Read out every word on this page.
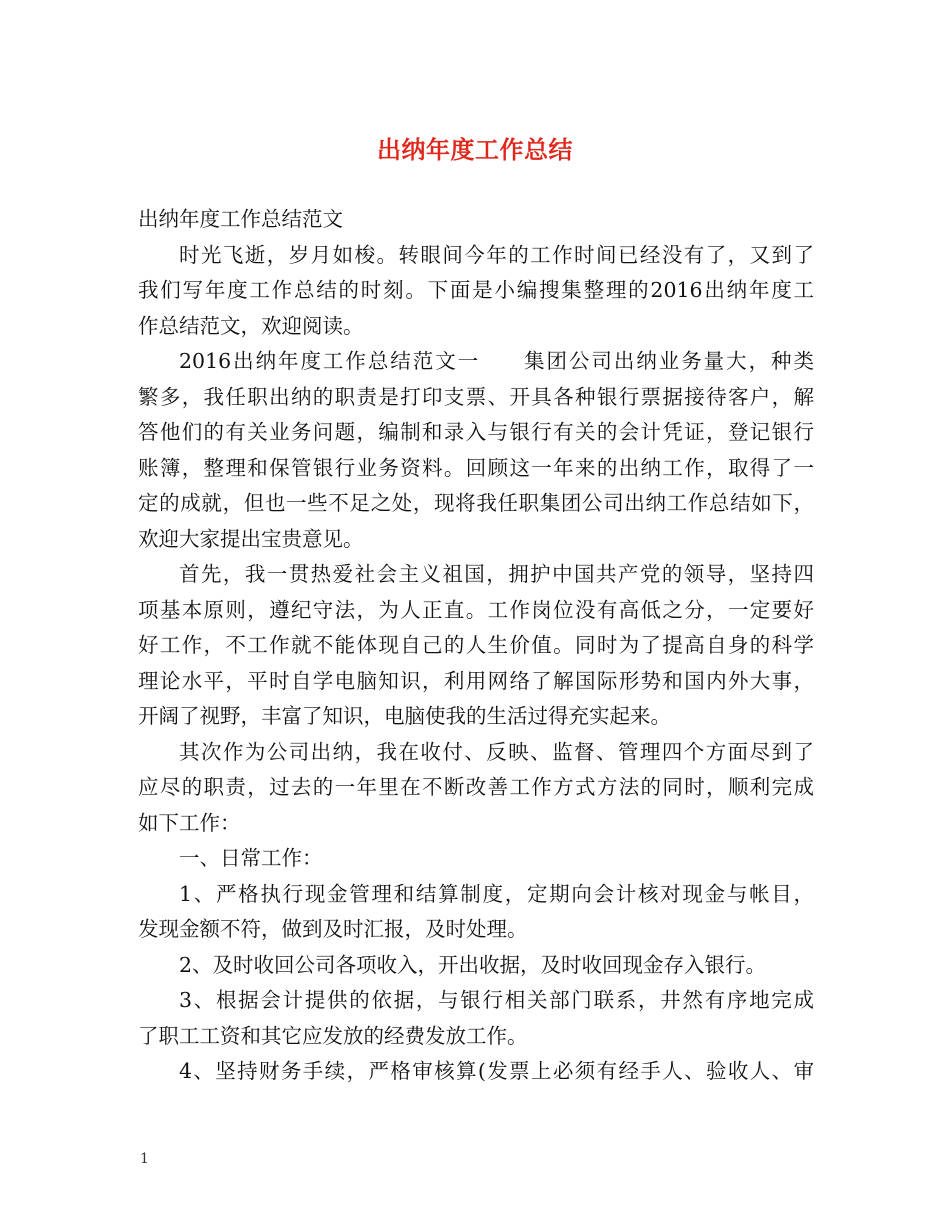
出纳年度工作总结

出纳年度工作总结范文

时光飞逝，岁月如梭。转眼间今年的工作时间已经没有了，又到了

我们写年度工作总结的时刻。下面是小编搜集整理的2016出纳年度工

作总结范文，欢迎阅读。

2016出纳年度工作总结范文一 集团公司出纳业务量大，种类

繁多，我任职出纳的职责是打印支票、开具各种银行票据接待客户，解

答他们的有关业务问题，编制和录入与银行有关的会计凭证，登记银行

账簿，整理和保管银行业务资料。回顾这一年来的出纳工作，取得了一

定的成就，但也一些不足之处，现将我任职集团公司出纳工作总结如下，

欢迎大家提出宝贵意见。

首先，我一贯热爱社会主义祖国，拥护中国共产党的领导，坚持四

项基本原则，遵纪守法，为人正直。工作岗位没有高低之分，一定要好

好工作，不工作就不能体现自己的人生价值。同时为了提高自身的科学

理论水平，平时自学电脑知识，利用网络了解国际形势和国内外大事，

开阔了视野，丰富了知识，电脑使我的生活过得充实起来。

其次作为公司出纳，我在收付、反映、监督、管理四个方面尽到了

应尽的职责，过去的一年里在不断改善工作方式方法的同时，顺利完成

如下工作：

一、日常工作：

1、严格执行现金管理和结算制度，定期向会计核对现金与帐目，

发现金额不符，做到及时汇报，及时处理。

2、及时收回公司各项收入，开出收据，及时收回现金存入银行。

3、根据会计提供的依据，与银行相关部门联系，井然有序地完成

了职工工资和其它应发放的经费发放工作。

4、坚持财务手续，严格审核算(发票上必须有经手人、验收人、审

1
